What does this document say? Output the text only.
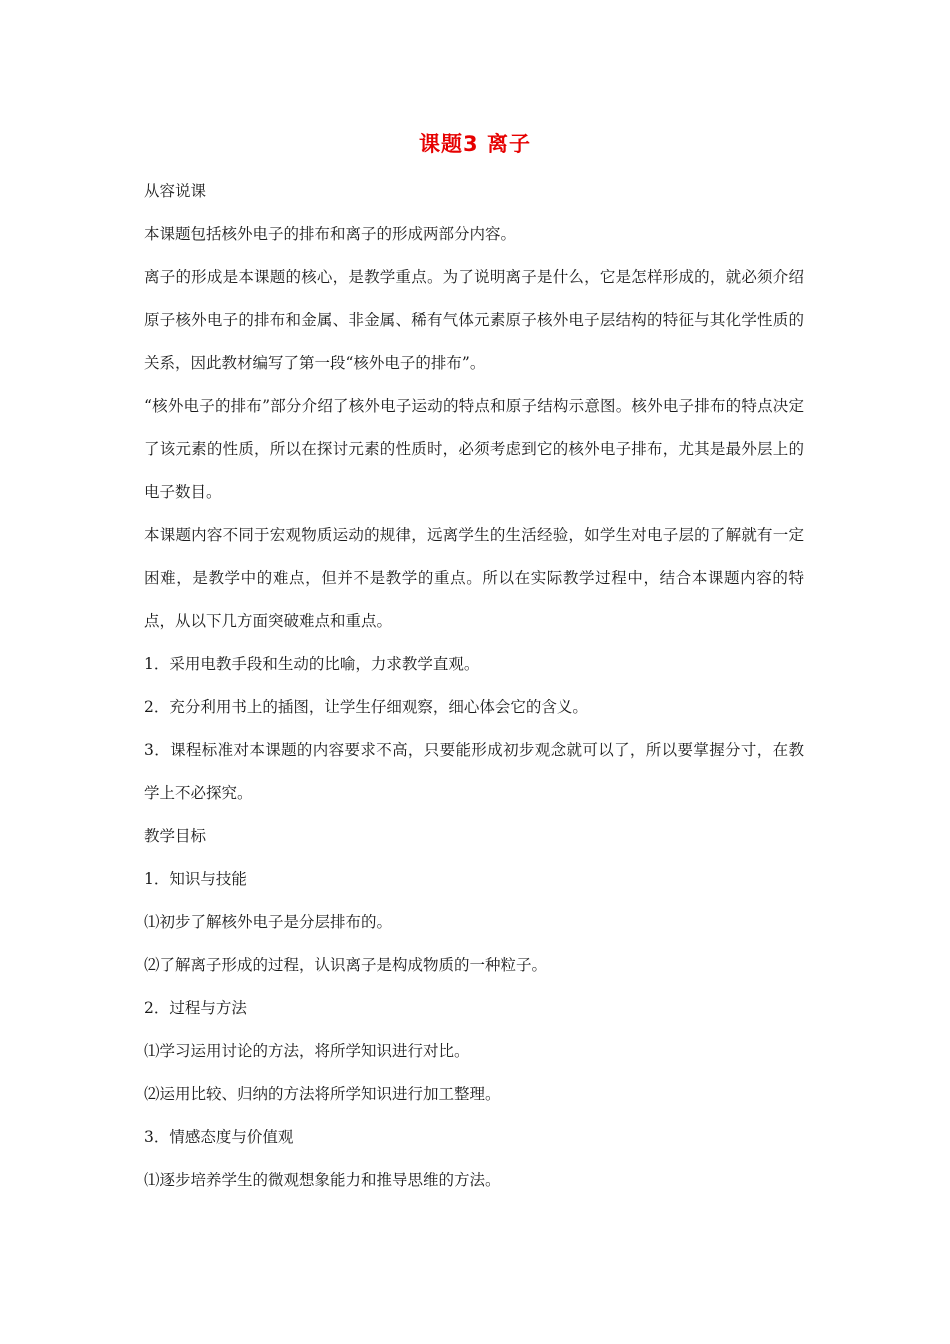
课题3 离子

从容说课

本课题包括核外电子的排布和离子的形成两部分内容。

离子的形成是本课题的核心，是教学重点。为了说明离子是什么，它是怎样形成的，就必须介绍原子核外电子的排布和金属、非金属、稀有气体元素原子核外电子层结构的特征与其化学性质的关系，因此教材编写了第一段“核外电子的排布”。

“核外电子的排布”部分介绍了核外电子运动的特点和原子结构示意图。核外电子排布的特点决定了该元素的性质，所以在探讨元素的性质时，必须考虑到它的核外电子排布，尤其是最外层上的电子数目。

本课题内容不同于宏观物质运动的规律，远离学生的生活经验，如学生对电子层的了解就有一定困难，是教学中的难点，但并不是教学的重点。所以在实际教学过程中，结合本课题内容的特点，从以下几方面突破难点和重点。

1．采用电教手段和生动的比喻，力求教学直观。

2．充分利用书上的插图，让学生仔细观察，细心体会它的含义。

3．课程标准对本课题的内容要求不高，只要能形成初步观念就可以了，所以要掌握分寸，在教学上不必探究。

教学目标

1．知识与技能

⑴初步了解核外电子是分层排布的。

⑵了解离子形成的过程，认识离子是构成物质的一种粒子。

2．过程与方法

⑴学习运用讨论的方法，将所学知识进行对比。

⑵运用比较、归纳的方法将所学知识进行加工整理。

3．情感态度与价值观

⑴逐步培养学生的微观想象能力和推导思维的方法。
